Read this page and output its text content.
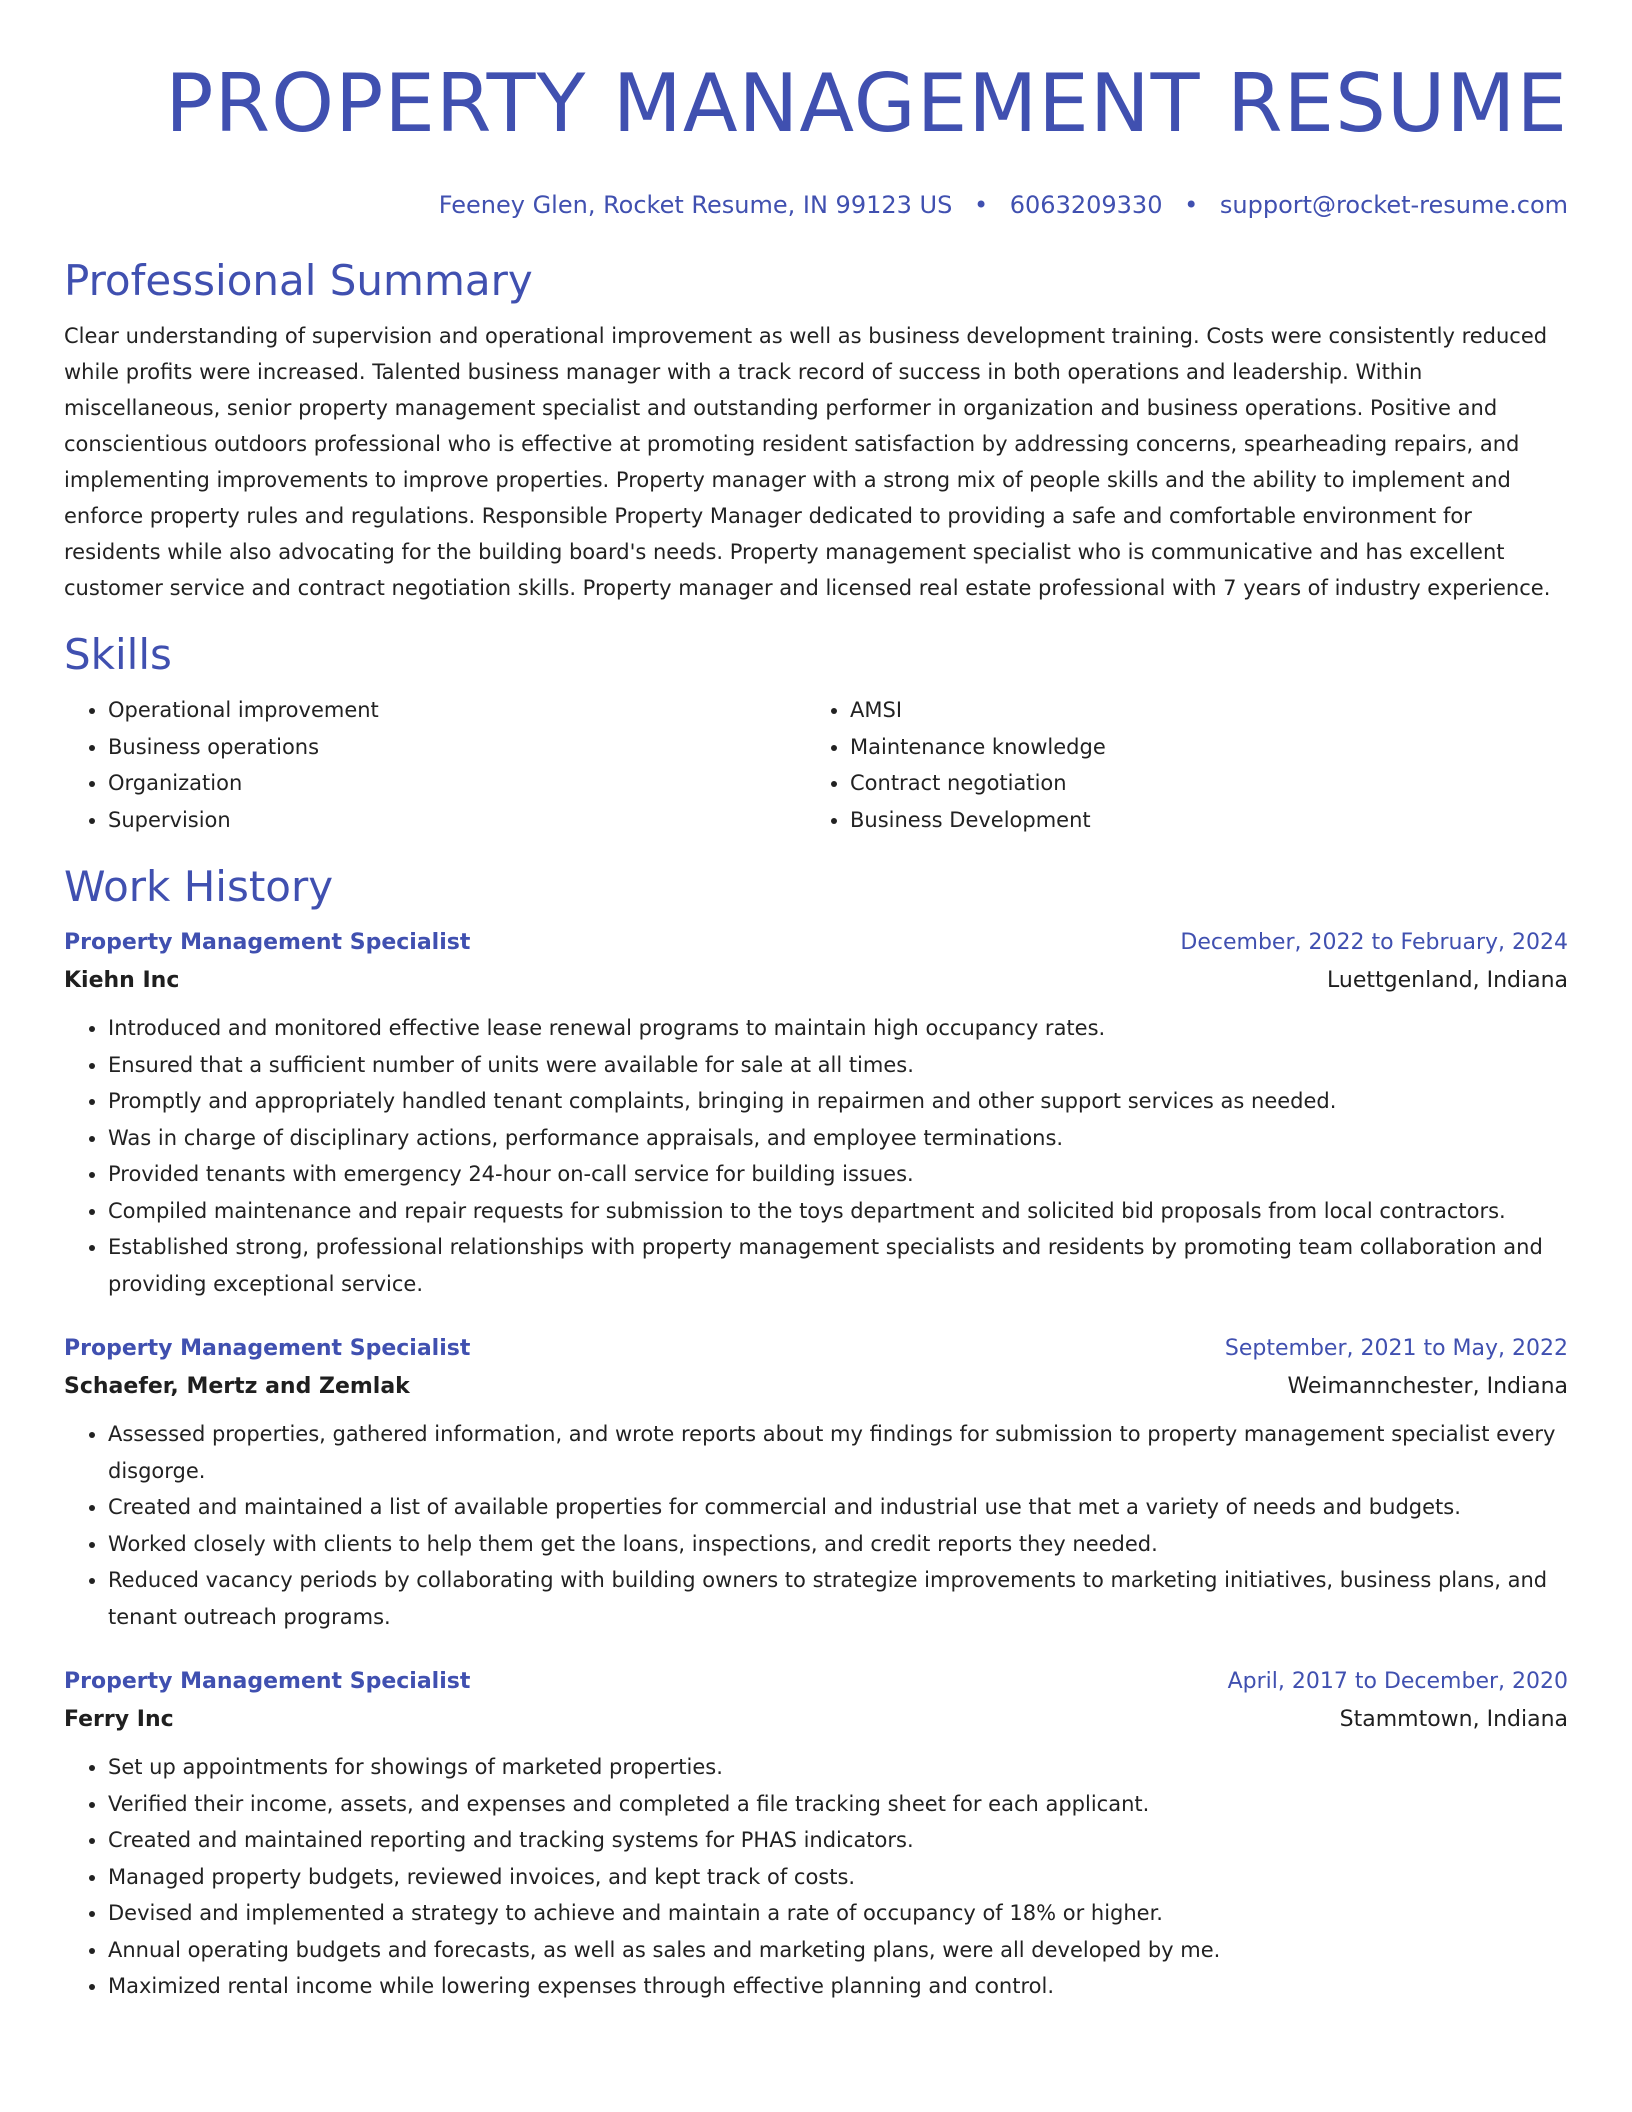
PROPERTY MANAGEMENT RESUME
Feeney Glen, Rocket Resume, IN 99123 US • 6063209330 • support@rocket-resume.com
Professional Summary
Clear understanding of supervision and operational improvement as well as business development training. Costs were consistently reduced while profits were increased. Talented business manager with a track record of success in both operations and leadership. Within miscellaneous, senior property management specialist and outstanding performer in organization and business operations. Positive and conscientious outdoors professional who is effective at promoting resident satisfaction by addressing concerns, spearheading repairs, and implementing improvements to improve properties. Property manager with a strong mix of people skills and the ability to implement and enforce property rules and regulations. Responsible Property Manager dedicated to providing a safe and comfortable environment for residents while also advocating for the building board's needs. Property management specialist who is communicative and has excellent customer service and contract negotiation skills. Property manager and licensed real estate professional with 7 years of industry experience.
Skills
• Operational improvement
• Business operations
• Organization
• Supervision
• AMSI
• Maintenance knowledge
• Contract negotiation
• Business Development
Work History
Property Management Specialist	December, 2022 to February, 2024
Kiehn Inc	Luettgenland, Indiana
• Introduced and monitored effective lease renewal programs to maintain high occupancy rates.
• Ensured that a sufficient number of units were available for sale at all times.
• Promptly and appropriately handled tenant complaints, bringing in repairmen and other support services as needed.
• Was in charge of disciplinary actions, performance appraisals, and employee terminations.
• Provided tenants with emergency 24-hour on-call service for building issues.
• Compiled maintenance and repair requests for submission to the toys department and solicited bid proposals from local contractors.
• Established strong, professional relationships with property management specialists and residents by promoting team collaboration and providing exceptional service.
Property Management Specialist	September, 2021 to May, 2022
Schaefer, Mertz and Zemlak	Weimannchester, Indiana
• Assessed properties, gathered information, and wrote reports about my findings for submission to property management specialist every disgorge.
• Created and maintained a list of available properties for commercial and industrial use that met a variety of needs and budgets.
• Worked closely with clients to help them get the loans, inspections, and credit reports they needed.
• Reduced vacancy periods by collaborating with building owners to strategize improvements to marketing initiatives, business plans, and tenant outreach programs.
Property Management Specialist	April, 2017 to December, 2020
Ferry Inc	Stammtown, Indiana
• Set up appointments for showings of marketed properties.
• Verified their income, assets, and expenses and completed a file tracking sheet for each applicant.
• Created and maintained reporting and tracking systems for PHAS indicators.
• Managed property budgets, reviewed invoices, and kept track of costs.
• Devised and implemented a strategy to achieve and maintain a rate of occupancy of 18% or higher.
• Annual operating budgets and forecasts, as well as sales and marketing plans, were all developed by me.
• Maximized rental income while lowering expenses through effective planning and control.
